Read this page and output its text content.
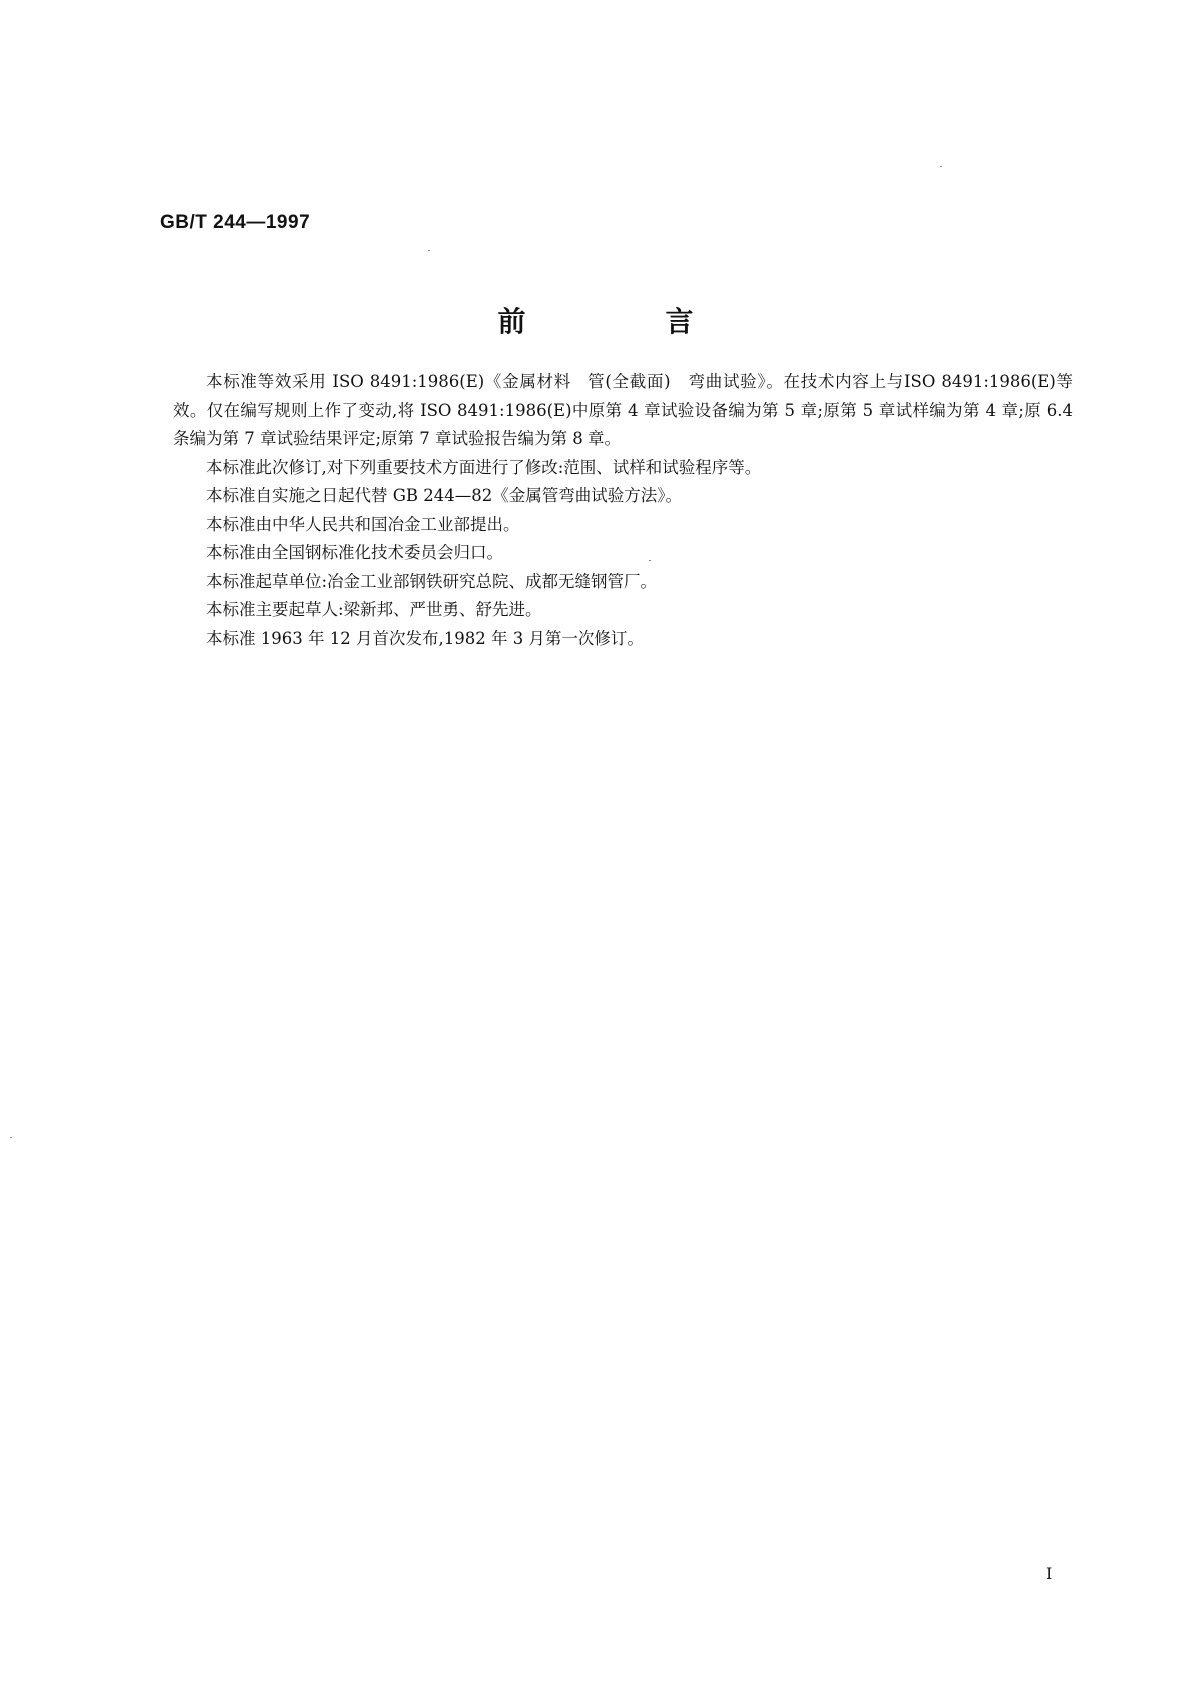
GB/T 244—1997
前　言

本标准等效采用 ISO 8491:1986(E)《金属材料　管(全截面)　弯曲试验》。在技术内容上与ISO 8491:1986(E)等效。仅在编写规则上作了变动,将 ISO 8491:1986(E)中原第 4 章试验设备编为第 5 章;原第 5 章试样编为第 4 章;原 6.4 条编为第 7 章试验结果评定;原第 7 章试验报告编为第 8 章。

本标准此次修订,对下列重要技术方面进行了修改:范围、试样和试验程序等。

本标准自实施之日起代替 GB 244—82《金属管弯曲试验方法》。

本标准由中华人民共和国冶金工业部提出。

本标准由全国钢标准化技术委员会归口。

本标准起草单位:冶金工业部钢铁研究总院、成都无缝钢管厂。

本标准主要起草人:梁新邦、严世勇、舒先进。

本标准 1963 年 12 月首次发布,1982 年 3 月第一次修订。

I
